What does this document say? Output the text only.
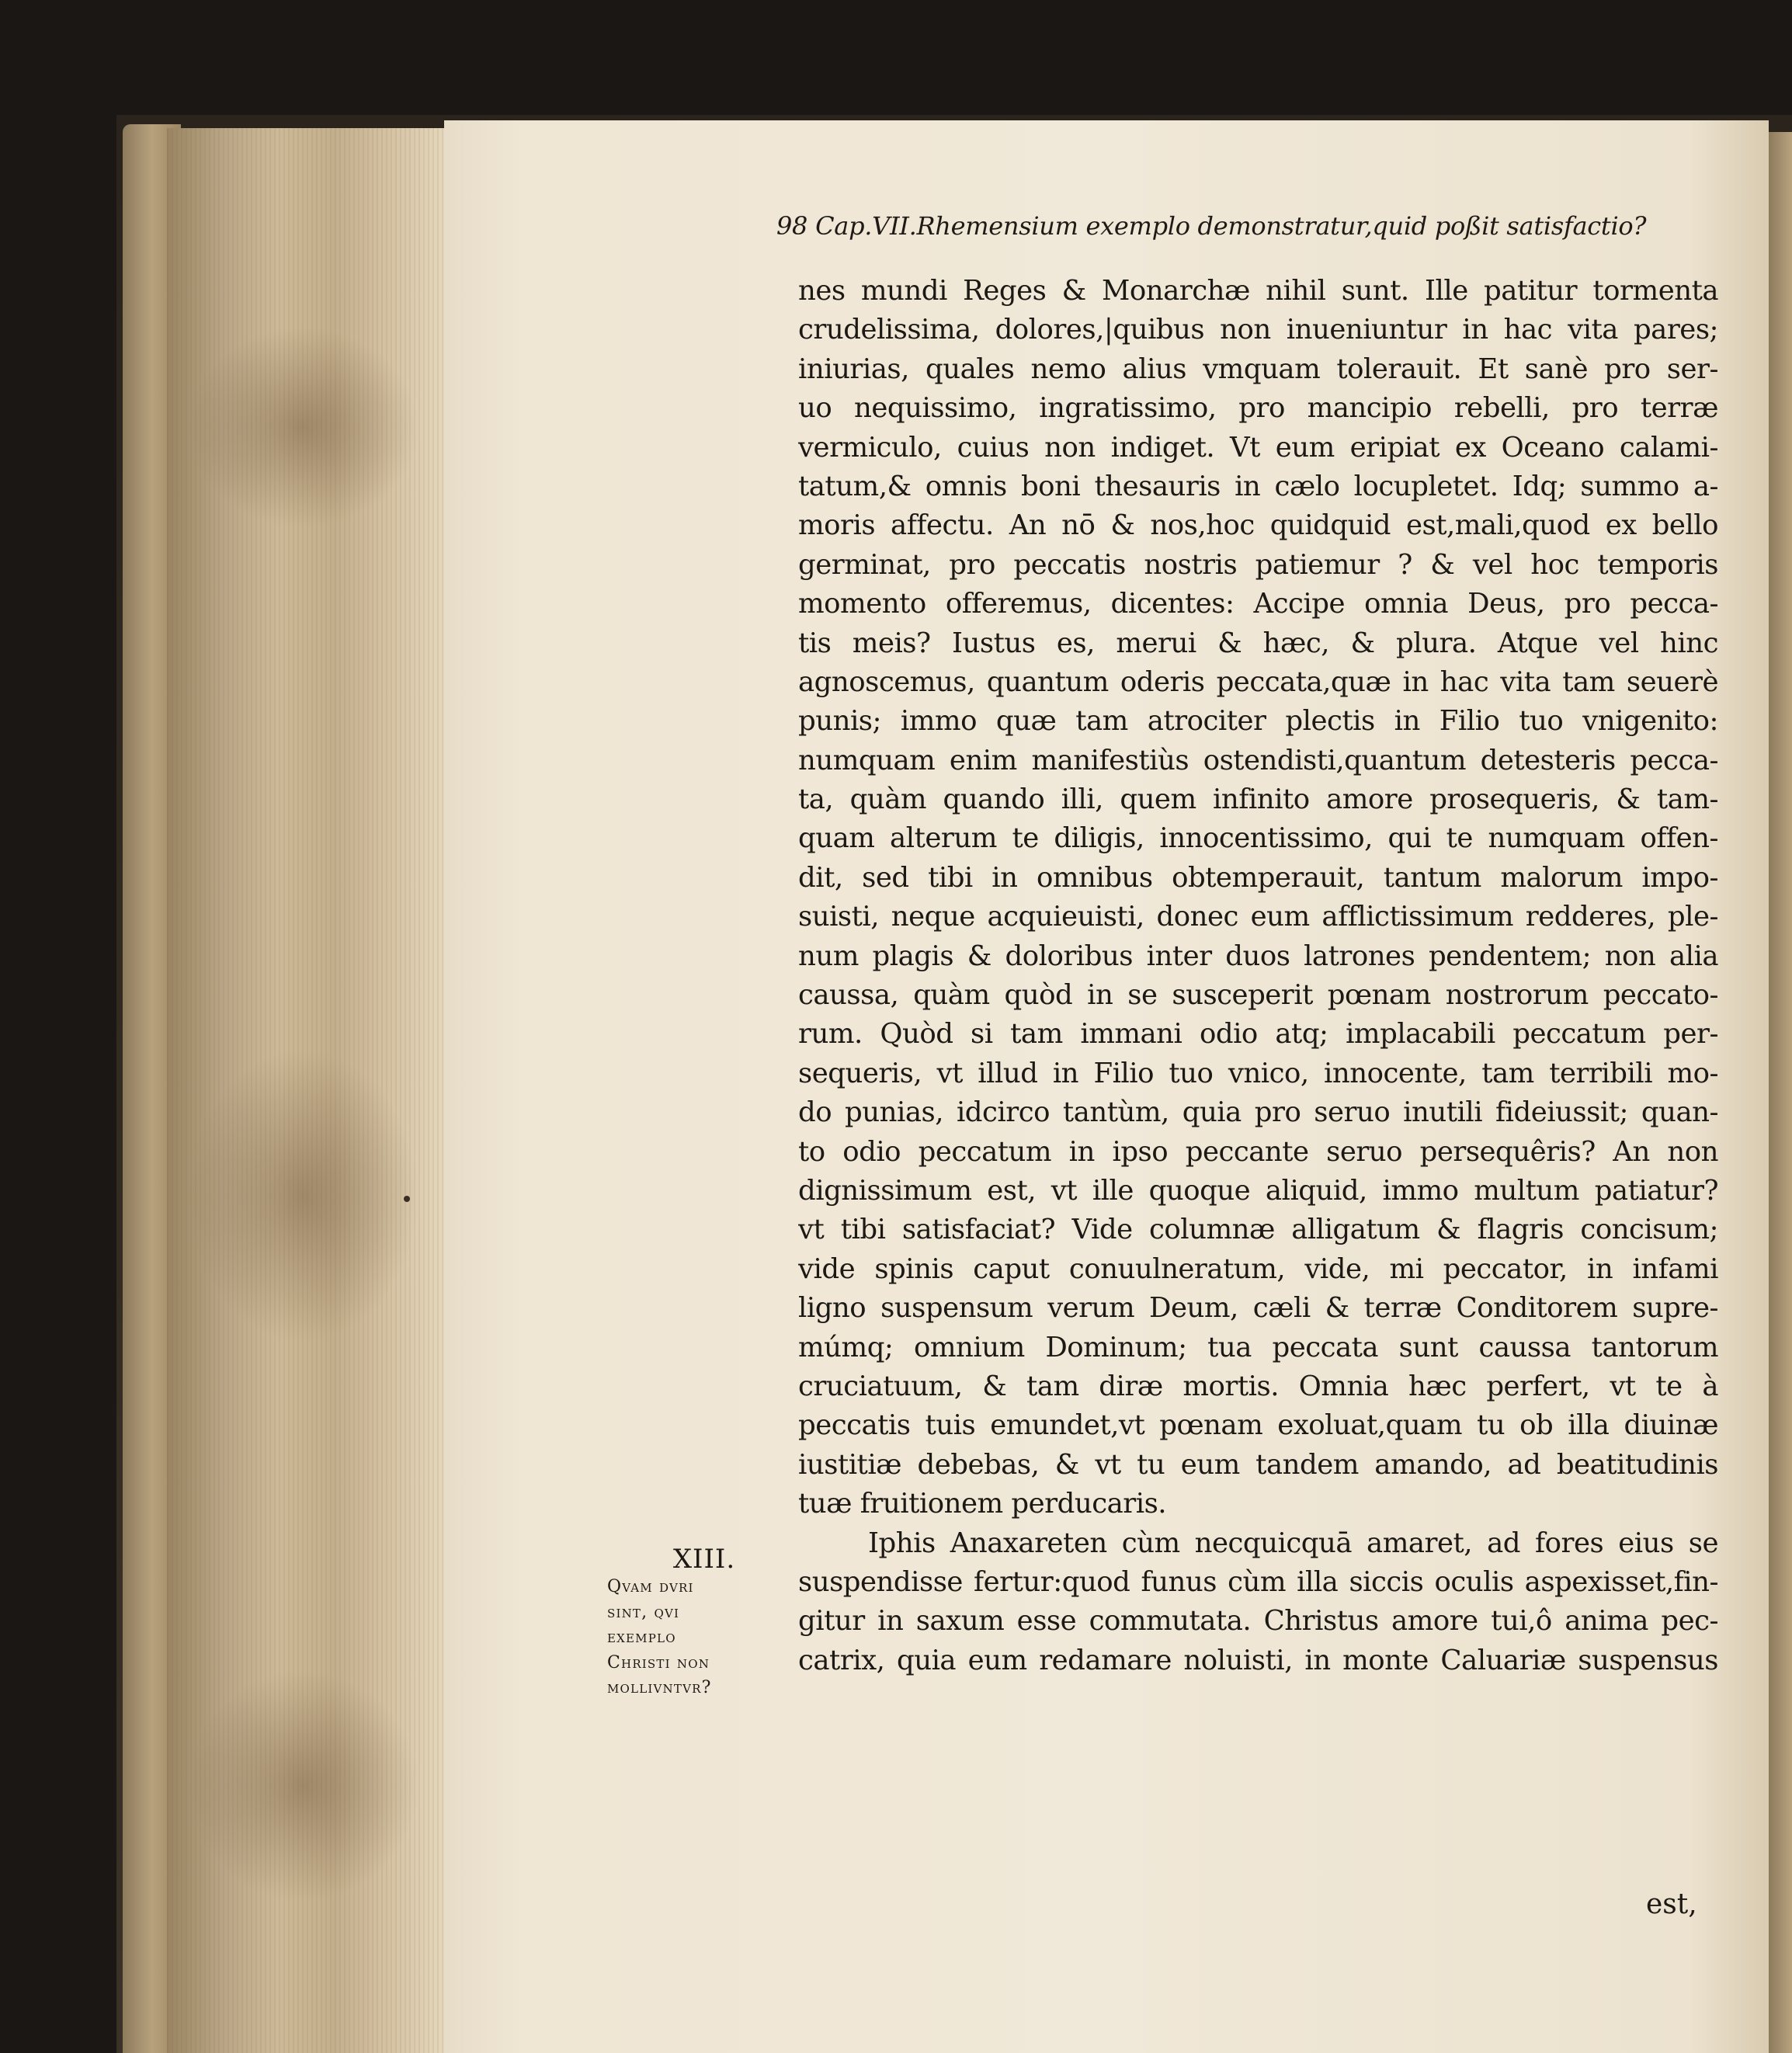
98 Cap.VII.Rhemensium exemplo demonstratur,quid poßit satisfactio?
nes mundi Reges & Monarchæ nihil sunt. Ille patitur tormenta
crudelissima, dolores,|quibus non inueniuntur in hac vita pares;
iniurias, quales nemo alius vmquam tolerauit. Et sanè pro ser-
uo nequissimo, ingratissimo, pro mancipio rebelli, pro terræ
vermiculo, cuius non indiget. Vt eum eripiat ex Oceano calami-
tatum,& omnis boni thesauris in cælo locupletet. Idq; summo a-
moris affectu. An nō & nos,hoc quidquid est,mali,quod ex bello
germinat, pro peccatis nostris patiemur ? & vel hoc temporis
momento offeremus, dicentes: Accipe omnia Deus, pro pecca-
tis meis? Iustus es, merui & hæc, & plura. Atque vel hinc
agnoscemus, quantum oderis peccata,quæ in hac vita tam seuerè
punis; immo quæ tam atrociter plectis in Filio tuo vnigenito:
numquam enim manifestiùs ostendisti,quantum detesteris pecca-
ta, quàm quando illi, quem infinito amore prosequeris, & tam-
quam alterum te diligis, innocentissimo, qui te numquam offen-
dit, sed tibi in omnibus obtemperauit, tantum malorum impo-
suisti, neque acquieuisti, donec eum afflictissimum redderes, ple-
num plagis & doloribus inter duos latrones pendentem; non alia
caussa, quàm quòd in se susceperit pœnam nostrorum peccato-
rum. Quòd si tam immani odio atq; implacabili peccatum per-
sequeris, vt illud in Filio tuo vnico, innocente, tam terribili mo-
do punias, idcirco tantùm, quia pro seruo inutili fideiussit; quan-
to odio peccatum in ipso peccante seruo persequêris? An non
dignissimum est, vt ille quoque aliquid, immo multum patiatur?
vt tibi satisfaciat? Vide columnæ alligatum & flagris concisum;
vide spinis caput conuulneratum, vide, mi peccator, in infami
ligno suspensum verum Deum, cæli & terræ Conditorem supre-
múmq; omnium Dominum; tua peccata sunt caussa tantorum
cruciatuum, & tam diræ mortis. Omnia hæc perfert, vt te à
peccatis tuis emundet,vt pœnam exoluat,quam tu ob illa diuinæ
iustitiæ debebas, & vt tu eum tandem amando, ad beatitudinis
tuæ fruitionem perducaris.
Iphis Anaxareten cùm necquicquā amaret, ad fores eius se
suspendisse fertur:quod funus cùm illa siccis oculis aspexisset,fin-
gitur in saxum esse commutata. Christus amore tui,ô anima pec-
catrix, quia eum redamare noluisti, in monte Caluariæ suspensus
XIII.
Qvam dvri
sint, qvi
exemplo
Christi non
mollivntvr?
est,
